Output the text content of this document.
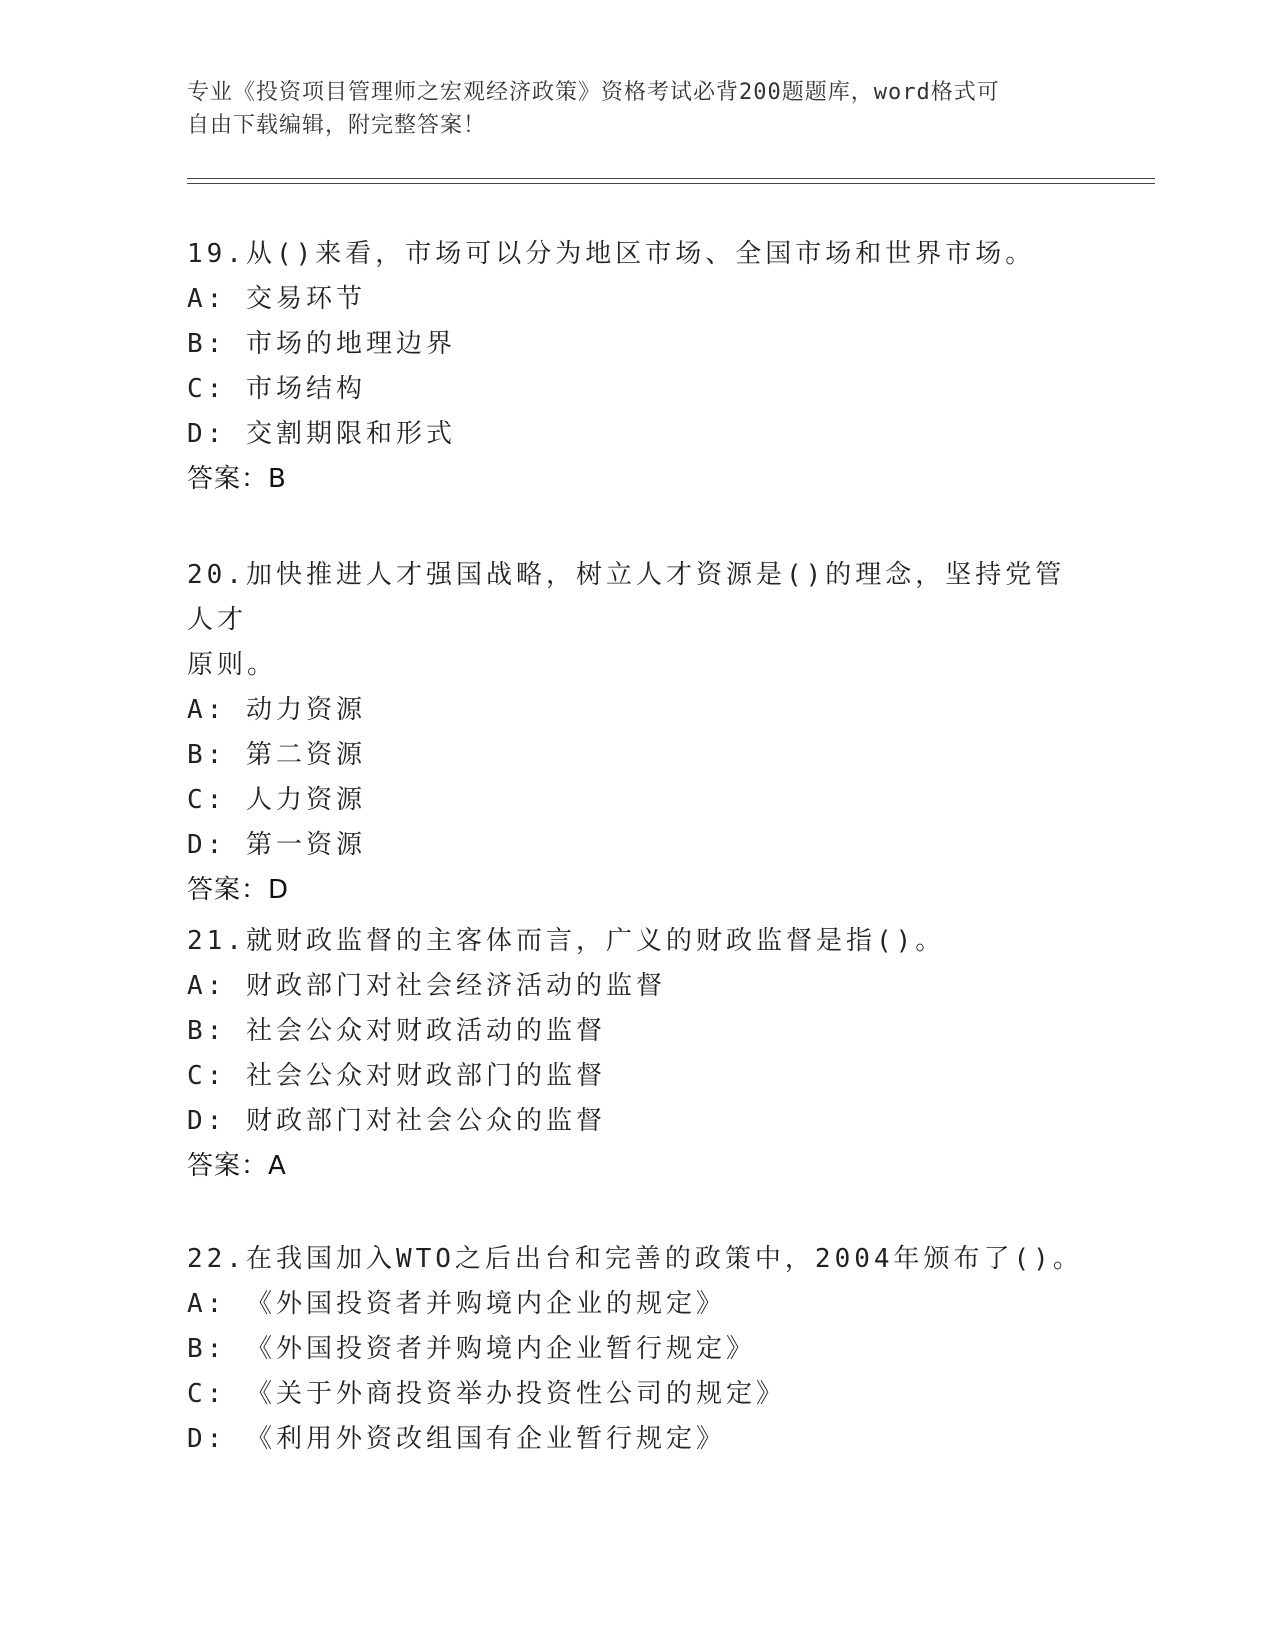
专业《投资项目管理师之宏观经济政策》资格考试必背200题题库，word格式可
自由下载编辑，附完整答案！

19.从()来看，市场可以分为地区市场、全国市场和世界市场。

A: 交易环节

B: 市场的地理边界

C: 市场结构

D: 交割期限和形式

答案：B

20.加快推进人才强国战略，树立人才资源是()的理念，坚持党管人才

原则。

A: 动力资源

B: 第二资源

C: 人力资源

D: 第一资源

答案：D

21.就财政监督的主客体而言，广义的财政监督是指()。

A: 财政部门对社会经济活动的监督

B: 社会公众对财政活动的监督

C: 社会公众对财政部门的监督

D: 财政部门对社会公众的监督

答案：A

22.在我国加入WTO之后出台和完善的政策中，2004年颁布了()。

A: 《外国投资者并购境内企业的规定》

B: 《外国投资者并购境内企业暂行规定》

C: 《关于外商投资举办投资性公司的规定》

D: 《利用外资改组国有企业暂行规定》
